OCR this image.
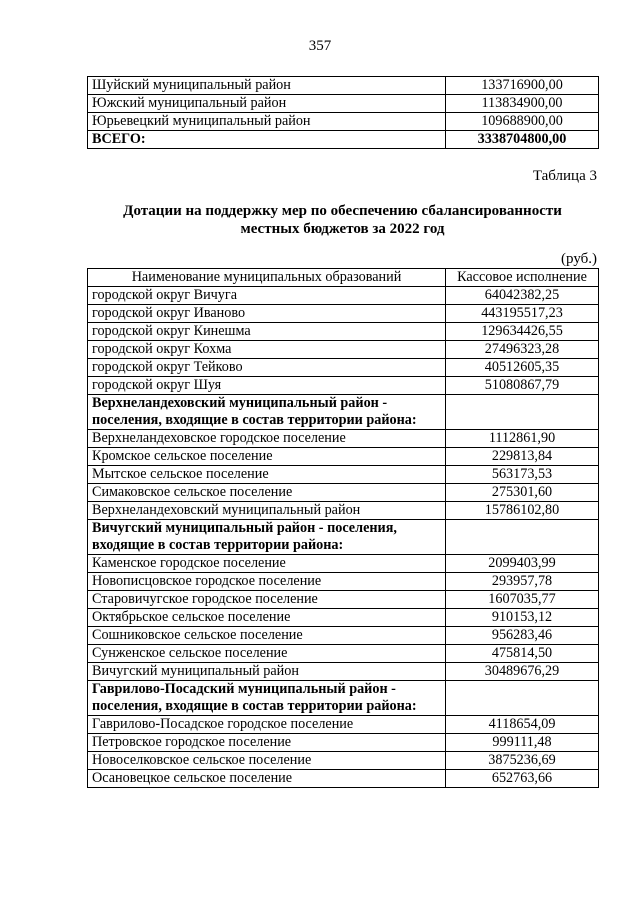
357
Шуйский муниципальный район	133716900,00
Южский муниципальный район	113834900,00
Юрьевецкий муниципальный район	109688900,00
ВСЕГО:	3338704800,00
Таблица 3
Дотации на поддержку мер по обеспечению сбалансированности
местных бюджетов за 2022 год
(руб.)
Наименование муниципальных образований	Кассовое исполнение
городской округ Вичуга	64042382,25
городской округ Иваново	443195517,23
городской округ Кинешма	129634426,55
городской округ Кохма	27496323,28
городской округ Тейково	40512605,35
городской округ Шуя	51080867,79
Верхнеландеховский муниципальный район - поселения, входящие в состав территории района:	
Верхнеландеховское городское поселение	1112861,90
Кромское сельское поселение	229813,84
Мытское сельское поселение	563173,53
Симаковское сельское поселение	275301,60
Верхнеландеховский муниципальный район	15786102,80
Вичугский муниципальный район - поселения, входящие в состав территории района:	
Каменское городское поселение	2099403,99
Новописцовское городское поселение	293957,78
Старовичугское городское поселение	1607035,77
Октябрьское сельское поселение	910153,12
Сошниковское сельское поселение	956283,46
Сунженское сельское поселение	475814,50
Вичугский муниципальный район	30489676,29
Гаврилово-Посадский муниципальный район - поселения, входящие в состав территории района:	
Гаврилово-Посадское городское поселение	4118654,09
Петровское городское поселение	999111,48
Новоселковское сельское поселение	3875236,69
Осановецкое сельское поселение	652763,66
